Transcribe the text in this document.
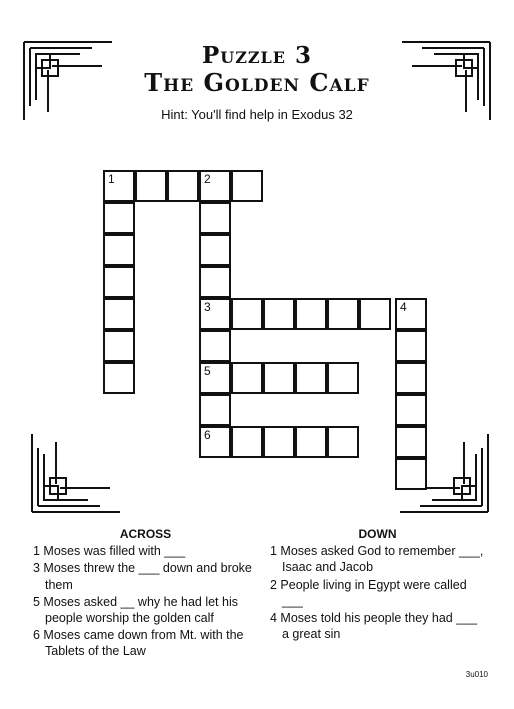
Puzzle 3
The Golden Calf
Hint: You'll find help in Exodus 32
1	2
3
5
6
4
ACROSS
1 Moses was filled with ___
3 Moses threw the ___ down and broke them
5 Moses asked __ why he had let his people worship the golden calf
6 Moses came down from Mt. with the Tablets of the Law
DOWN
1 Moses asked God to remember ___, Isaac and Jacob
2 People living in Egypt were called ___
4 Moses told his people they had ___ a great sin
3u010
